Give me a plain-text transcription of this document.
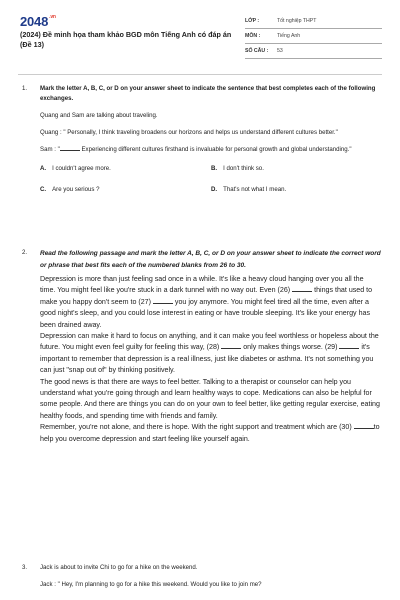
$2048^{.vn}$
(2024) Đề minh họa tham khảo BGD môn Tiếng Anh có đáp án (Đề 13)
LỚP :	Tốt nghiệp THPT
MÔN :	Tiếng Anh
SỐ CÂU : 53
1. Mark the letter A, B, C, or D on your answer sheet to indicate the sentence that best completes each of the following exchanges.
Quang and Sam are talking about traveling.
Quang : " Personally, I think traveling broadens our horizons and helps us understand different cultures better."
Sam : "	Experiencing different cultures firsthand is invaluable for personal growth and global understanding."
A. I couldn't agree more.	B. I don't think so.
C. Are you serious ?	D. That's not what I mean.
2. Read the following passage and mark the letter A, B, C, or D on your answer sheet to indicate the correct word or phrase that best fits each of the numbered blanks from 26 to 30.
Depression is more than just feeling sad once in a while. It's like a heavy cloud hanging over you all the time. You might feel like you're stuck in a dark tunnel with no way out. Even (26)	things that used to make you happy don't seem to (27)	you joy anymore. You might feel tired all the time, even after a good night's sleep, and you could lose interest in eating or have trouble sleeping. It's like your energy has been drained away.
Depression can make it hard to focus on anything, and it can make you feel worthless or hopeless about the future. You might even feel guilty for feeling this way, (28)	only makes things worse. (29)	it's important to remember that depression is a real illness, just like diabetes or asthma. It's not something you can just "snap out of" by thinking positively.
The good news is that there are ways to feel better. Talking to a therapist or counselor can help you understand what you're going through and learn healthy ways to cope. Medications can also be helpful for some people. And there are things you can do on your own to feel better, like getting regular exercise, eating healthy foods, and spending time with friends and family.
Remember, you're not alone, and there is hope. With the right support and treatment which are (30)	to help you overcome depression and start feeling like yourself again.
3. Jack is about to invite Chi to go for a hike on the weekend.
Jack : " Hey, I'm planning to go for a hike this weekend. Would you like to join me?
